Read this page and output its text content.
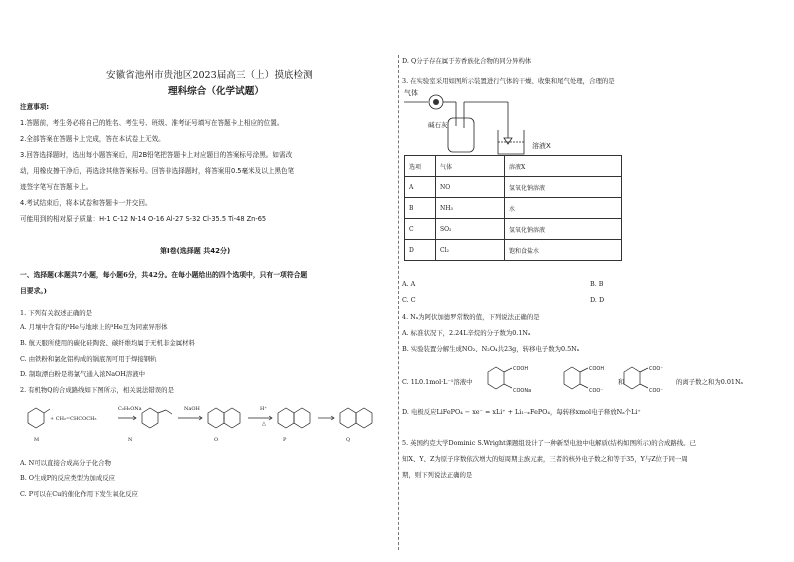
安徽省池州市贵池区2023届高三（上）摸底检测
理科综合（化学试题）
注意事项:
1.答题前，考生务必将自己的姓名、考生号、班级、准考证号填写在答题卡上相应的位置。
2.全部答案在答题卡上完成，答在本试卷上无效。
3.回答选择题时，选出每小题答案后，用2B铅笔把答题卡上对应题目的答案标号涂黑。如需改
动，用橡皮擦干净后，再选涂其他答案标号。回答非选择题时，将答案用0.5毫米及以上黑色笔
迹签字笔写在答题卡上。
4.考试结束后，将本试卷和答题卡一并交回。
可能用到的相对原子质量：H-1 C-12 N-14 O-16 Al-27 S-32 Cl-35.5 Ti-48 Zn-65
第Ⅰ卷(选择题 共42分)
一、选择题(本题共7小题，每小题6分，共42分。在每小题给出的四个选项中，只有一项符合题
目要求。)
1. 下列有关叙述正确的是
A. 月壤中含有的³He与地球上的³He互为同素异形体
B. 航天服所使用的碳化硅陶瓷、碳纤维均属于无机非金属材料
C. 由铁粉和氯化铝构成的锅底剂可用于焊接钢轨
D. 制取漂白粉是将氯气通入浓NaOH溶液中
2. 有机物Q的合成路线如下图所示，相关说法错误的是
+ CH₂=CHCOCH₃
C₂H₅ONa	NaOH	H⁺
△
M	N	O	P	Q
A. N可以直接合成高分子化合物
B. O生成P的反应类型为加成反应
C. P可以在Cu的催化作用下发生氧化反应
D. Q分子存在属于芳香族化合物的同分异构体
3. 在实验室采用如图所示装置进行气体的干燥、收集和尾气处理，合理的是
气体
碱石灰
溶液X
选项	气体	溶液X
A	NO	氢氧化钠溶液
B	NH₃	水
C	SO₂	氢氧化钠溶液
D	Cl₂	饱和食盐水
A. A	B. B
C. C	D. D
4. Nₐ为阿伏加德罗常数的值，下列说法正确的是
A. 标准状况下，2.24L辛烷的分子数为0.1Nₐ
B. 实验装置分解生成NO₂、N₂O₄共23g，转移电子数为0.5Nₐ
C. 1L0.1mol·L⁻¹溶液中
COOH
COONa
COOH
COO⁻
COO⁻
COO⁻
和	的离子数之和为0.01Nₐ
D. 电极反应LiFePO₄ − xe⁻ = xLi⁺ + Li₁₋ₓFePO₄，每转移xmol电子释放Nₐ个Li⁺
5. 英国约克大学Dominic S.Wright课题组设计了一种新型电池中电解质(结构如图所示)的合成路线。已
知X、Y、Z为原子序数依次增大的短周期主族元素，三者的核外电子数之和等于35，Y与Z位于同一周
期，则下列说法正确的是
